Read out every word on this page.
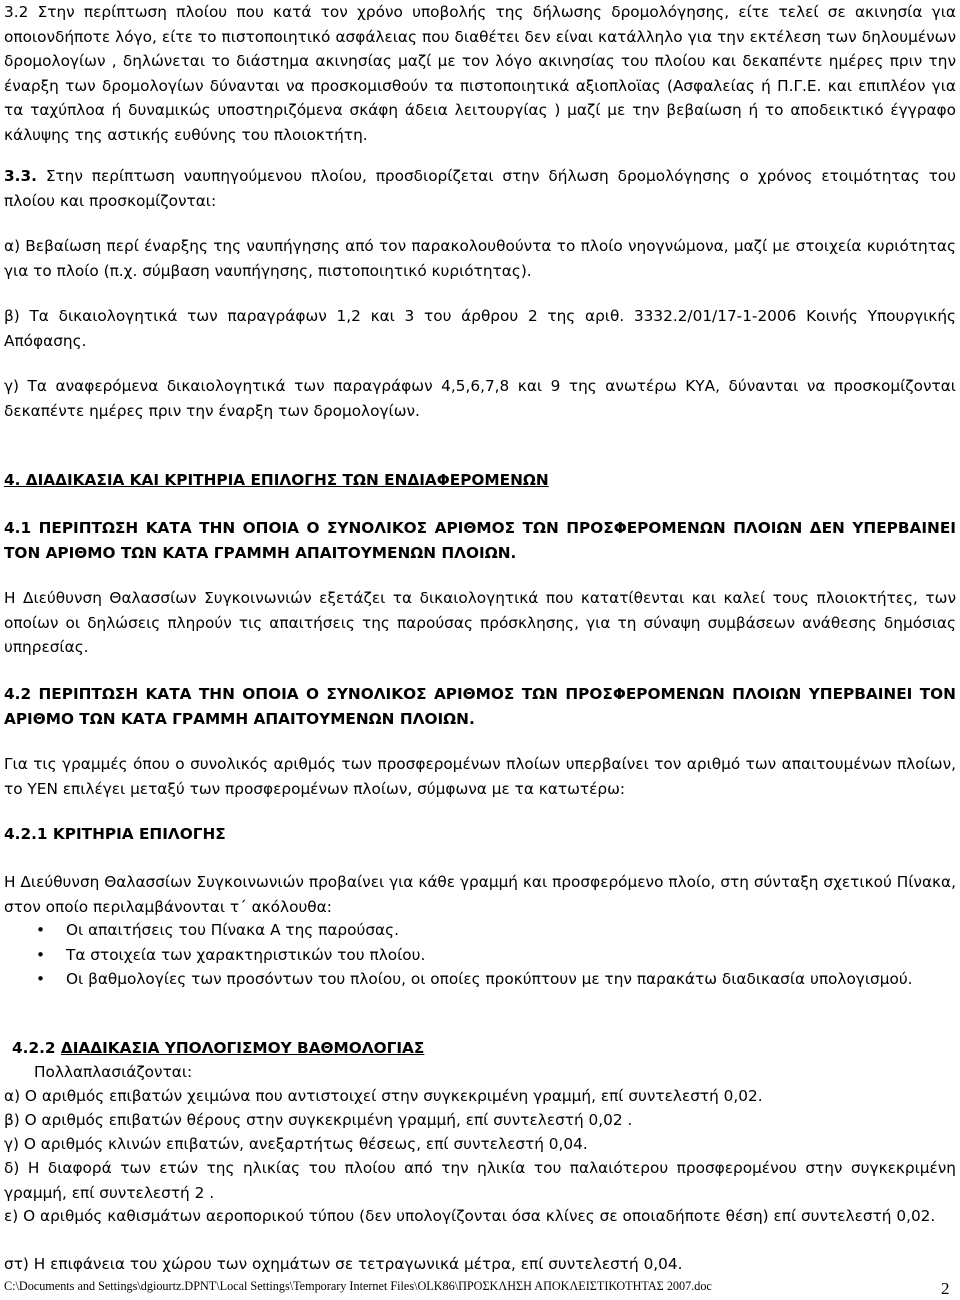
3.2 Στην περίπτωση πλοίου που κατά τον χρόνο υποβολής της δήλωσης δρομολόγησης, είτε τελεί σε ακινησία για οποιονδήποτε λόγο, είτε το πιστοποιητικό ασφάλειας που διαθέτει δεν είναι κατάλληλο για την εκτέλεση των δηλουμένων δρομολογίων , δηλώνεται το διάστημα ακινησίας μαζί με τον λόγο ακινησίας του πλοίου και δεκαπέντε ημέρες πριν την έναρξη των δρομολογίων δύνανται να προσκομισθούν τα πιστοποιητικά αξιοπλοϊας (Ασφαλείας ή Π.Γ.Ε. και επιπλέον για τα ταχύπλοα ή δυναμικώς υποστηριζόμενα σκάφη άδεια λειτουργίας ) μαζί με την βεβαίωση ή το αποδεικτικό έγγραφο κάλυψης της αστικής ευθύνης του πλοιοκτήτη.

3.3. Στην περίπτωση ναυπηγούμενου πλοίου, προσδιορίζεται στην δήλωση δρομολόγησης ο χρόνος ετοιμότητας του πλοίου και προσκομίζονται:

α) Βεβαίωση περί έναρξης της ναυπήγησης από τον παρακολουθούντα το πλοίο νηογνώμονα, μαζί με στοιχεία κυριότητας για το πλοίο (π.χ. σύμβαση ναυπήγησης, πιστοποιητικό κυριότητας).

β) Τα δικαιολογητικά των παραγράφων 1,2 και 3 του άρθρου 2 της αριθ. 3332.2/01/17-1-2006 Κοινής Υπουργικής Απόφασης.

γ) Τα αναφερόμενα δικαιολογητικά των παραγράφων 4,5,6,7,8 και 9 της ανωτέρω ΚΥΑ, δύνανται να προσκομίζονται δεκαπέντε ημέρες πριν την έναρξη των δρομολογίων.

4. ΔΙΑΔΙΚΑΣΙΑ ΚΑΙ ΚΡΙΤΗΡΙΑ ΕΠΙΛΟΓΗΣ ΤΩΝ ΕΝΔΙΑΦΕΡΟΜΕΝΩΝ

4.1 ΠΕΡΙΠΤΩΣΗ ΚΑΤΑ ΤΗΝ ΟΠΟΙΑ Ο ΣΥΝΟΛΙΚΟΣ ΑΡΙΘΜΟΣ ΤΩΝ ΠΡΟΣΦΕΡΟΜΕΝΩΝ ΠΛΟΙΩΝ ΔΕΝ ΥΠΕΡΒΑΙΝΕΙ ΤΟΝ ΑΡΙΘΜΟ ΤΩΝ ΚΑΤΑ ΓΡΑΜΜΗ ΑΠΑΙΤΟΥΜΕΝΩΝ ΠΛΟΙΩΝ.

Η Διεύθυνση Θαλασσίων Συγκοινωνιών εξετάζει τα δικαιολογητικά που κατατίθενται και καλεί τους πλοιοκτήτες, των οποίων οι δηλώσεις πληρούν τις απαιτήσεις της παρούσας πρόσκλησης, για τη σύναψη συμβάσεων ανάθεσης δημόσιας υπηρεσίας.

4.2 ΠΕΡΙΠΤΩΣΗ ΚΑΤΑ ΤΗΝ ΟΠΟΙΑ Ο ΣΥΝΟΛΙΚΟΣ ΑΡΙΘΜΟΣ ΤΩΝ ΠΡΟΣΦΕΡΟΜΕΝΩΝ ΠΛΟΙΩΝ ΥΠΕΡΒΑΙΝΕΙ ΤΟΝ ΑΡΙΘΜΟ ΤΩΝ ΚΑΤΑ ΓΡΑΜΜΗ ΑΠΑΙΤΟΥΜΕΝΩΝ ΠΛΟΙΩΝ.

Για τις γραμμές όπου ο συνολικός αριθμός των προσφερομένων πλοίων υπερβαίνει τον αριθμό των απαιτουμένων πλοίων, το ΥΕΝ επιλέγει μεταξύ των προσφερομένων πλοίων, σύμφωνα με τα κατωτέρω:

4.2.1 ΚΡΙΤΗΡΙΑ ΕΠΙΛΟΓΗΣ

Η Διεύθυνση Θαλασσίων Συγκοινωνιών προβαίνει για κάθε γραμμή και προσφερόμενο πλοίο, στη σύνταξη σχετικού Πίνακα, στον οποίο περιλαμβάνονται τ΄ ακόλουθα:

• Οι απαιτήσεις του Πίνακα Α της παρούσας.
• Τα στοιχεία των χαρακτηριστικών του πλοίου.
• Οι βαθμολογίες των προσόντων του πλοίου, οι οποίες προκύπτουν με την παρακάτω διαδικασία υπολογισμού.

4.2.2 ΔΙΑΔΙΚΑΣΙΑ ΥΠΟΛΟΓΙΣΜΟΥ ΒΑΘΜΟΛΟΓΙΑΣ

Πολλαπλασιάζονται:

α) Ο αριθμός επιβατών χειμώνα που αντιστοιχεί στην συγκεκριμένη γραμμή, επί συντελεστή 0,02.

β) Ο αριθμός επιβατών θέρους στην συγκεκριμένη γραμμή, επί συντελεστή 0,02 .

γ) Ο αριθμός κλινών επιβατών, ανεξαρτήτως θέσεως, επί συντελεστή 0,04.

δ) Η διαφορά των ετών της ηλικίας του πλοίου από την ηλικία του παλαιότερου προσφερομένου στην συγκεκριμένη γραμμή, επί συντελεστή 2 .

ε) Ο αριθμός καθισμάτων αεροπορικού τύπου (δεν υπολογίζονται όσα κλίνες σε οποιαδήποτε θέση) επί συντελεστή 0,02.

στ) Η επιφάνεια του χώρου των οχημάτων σε τετραγωνικά μέτρα, επί συντελεστή 0,04.

C:\Documents and Settings\dgiourtz.DPNT\Local Settings\Temporary Internet Files\OLK86\ΠΡΟΣΚΛΗΣΗ ΑΠΟΚΛΕΙΣΤΙΚΟΤΗΤΑΣ 2007.doc	2
